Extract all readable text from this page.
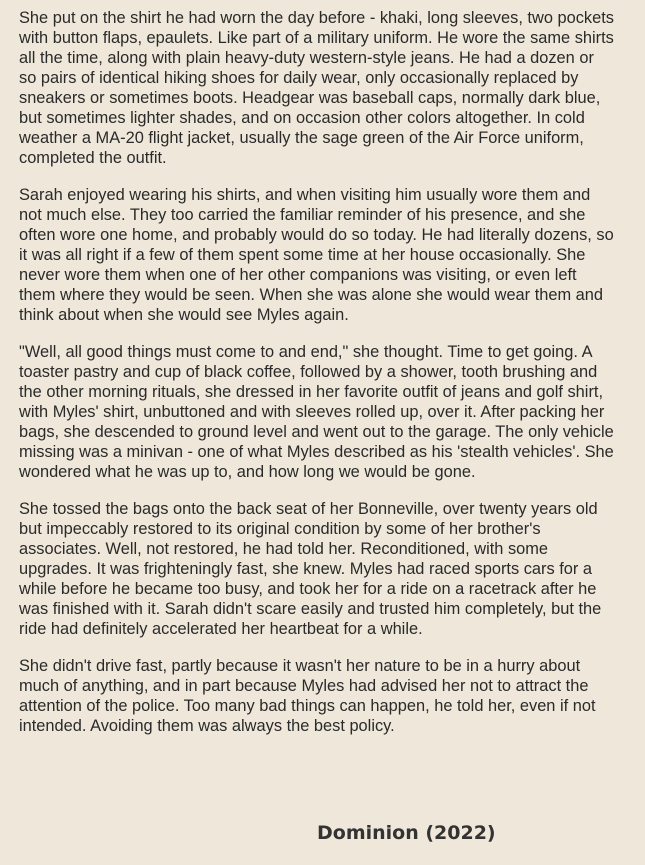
She put on the shirt he had worn the day before - khaki, long sleeves, two pockets with button flaps, epaulets. Like part of a military uniform. He wore the same shirts all the time, along with plain heavy-duty western-style jeans. He had a dozen or so pairs of identical hiking shoes for daily wear, only occasionally replaced by sneakers or sometimes boots. Headgear was baseball caps, normally dark blue, but sometimes lighter shades, and on occasion other colors altogether. In cold weather a MA-20 flight jacket, usually the sage green of the Air Force uniform, completed the outfit.

Sarah enjoyed wearing his shirts, and when visiting him usually wore them and not much else. They too carried the familiar reminder of his presence, and she often wore one home, and probably would do so today. He had literally dozens, so it was all right if a few of them spent some time at her house occasionally. She never wore them when one of her other companions was visiting, or even left them where they would be seen. When she was alone she would wear them and think about when she would see Myles again.

"Well, all good things must come to and end," she thought. Time to get going. A toaster pastry and cup of black coffee, followed by a shower, tooth brushing and the other morning rituals, she dressed in her favorite outfit of jeans and golf shirt, with Myles' shirt, unbuttoned and with sleeves rolled up, over it. After packing her bags, she descended to ground level and went out to the garage. The only vehicle missing was a minivan - one of what Myles described as his 'stealth vehicles'. She wondered what he was up to, and how long we would be gone.

She tossed the bags onto the back seat of her Bonneville, over twenty years old but impeccably restored to its original condition by some of her brother's associates. Well, not restored, he had told her. Reconditioned, with some upgrades. It was frighteningly fast, she knew. Myles had raced sports cars for a while before he became too busy, and took her for a ride on a racetrack after he was finished with it. Sarah didn't scare easily and trusted him completely, but the ride had definitely accelerated her heartbeat for a while.

She didn't drive fast, partly because it wasn't her nature to be in a hurry about much of anything, and in part because Myles had advised her not to attract the attention of the police. Too many bad things can happen, he told her, even if not intended. Avoiding them was always the best policy.

Dominion (2022)
